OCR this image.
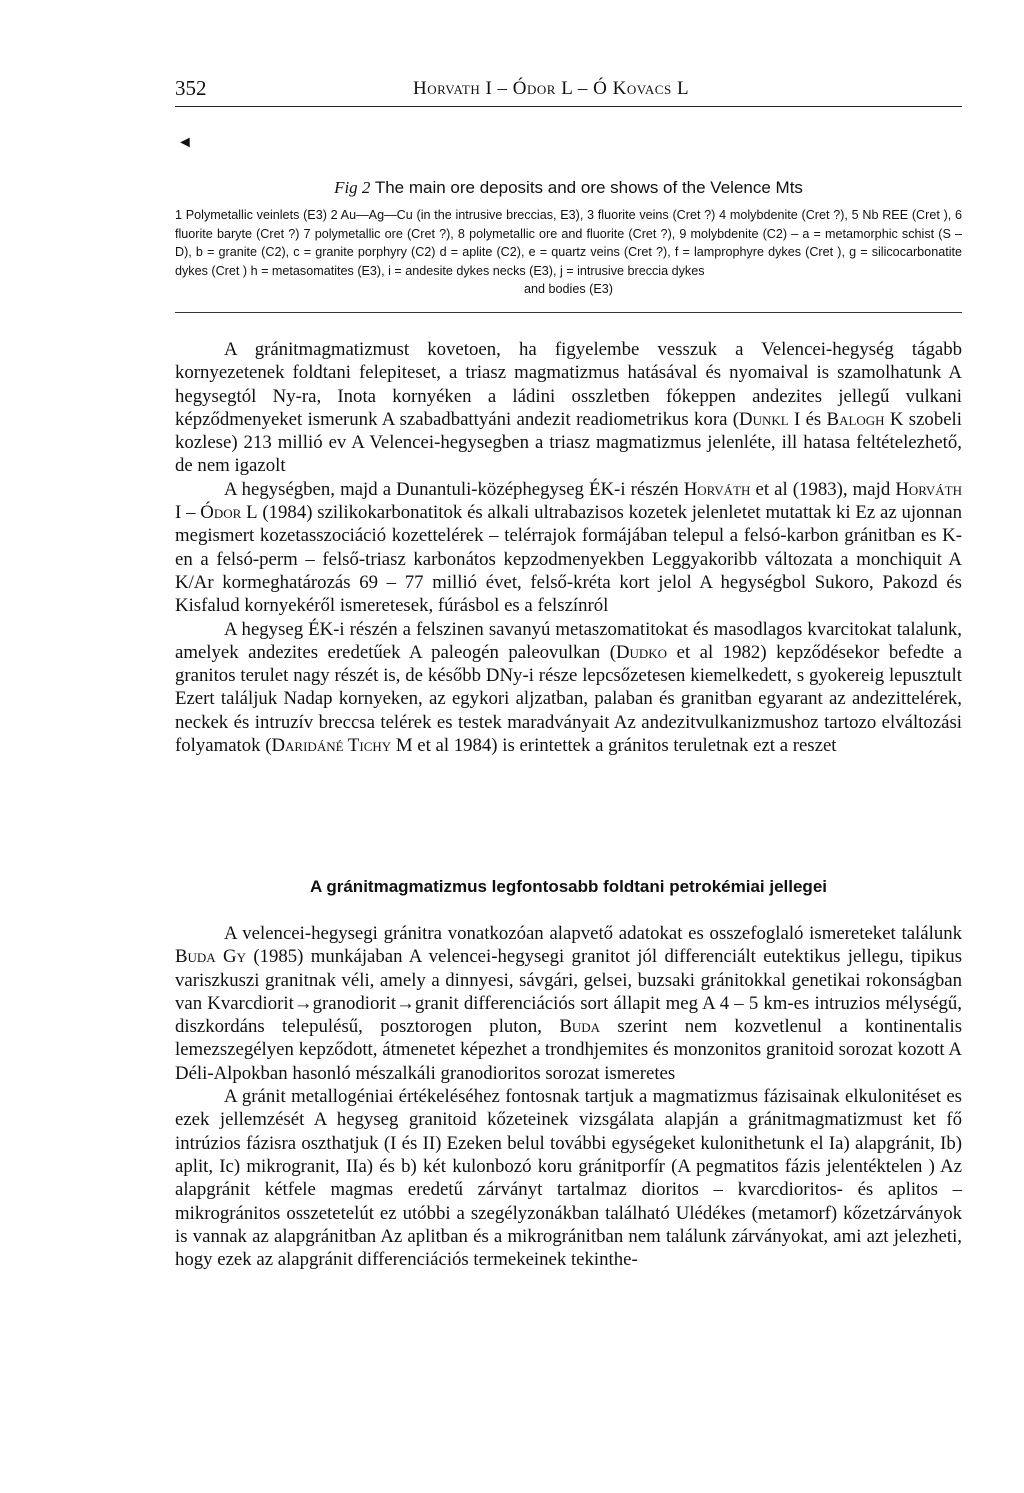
352	Horvath I – Ódor L – Ó Kovacs L
◄
Fig 2 The main ore deposits and ore shows of the Velence Mts
1 Polymetallic veinlets (E3) 2 Au—Ag—Cu (in the intrusive breccias, E3), 3 fluorite veins (Cret ?) 4 molybdenite (Cret ?), 5 Nb REE (Cret ), 6 fluorite baryte (Cret ?) 7 polymetallic ore (Cret ?), 8 polymetallic ore and fluorite (Cret ?), 9 molybdenite (C2) – a = metamorphic schist (S – D), b = granite (C2), c = granite porphyry (C2) d = aplite (C2), e = quartz veins (Cret ?), f = lamprophyre dykes (Cret ), g = silicocarbonatite dykes (Cret ) h = metasomatites (E3), i = andesite dykes necks (E3), j = intrusive breccia dykes
and bodies (E3)

A gránitmagmatizmust kovetoen, ha figyelembe vesszuk a Velencei-hegység tágabb kornyezetenek foldtani felepiteset, a triasz magmatizmus hatásával és nyomaival is szamolhatunk A hegysegtól Ny-ra, Inota kornyéken a ládini osszletben fókeppen andezites jellegű vulkani képződmenyeket ismerunk A szabadbattyáni andezit readiometrikus kora (Dunkl I és Balogh K szobeli kozlese) 213 millió ev A Velencei-hegysegben a triasz magmatizmus jelenléte, ill hatasa feltételezhető, de nem igazolt

A hegységben, majd a Dunantuli-középhegyseg ÉK-i részén Horváth et al (1983), majd Horváth I – Ódor L (1984) szilikokarbonatitok és alkali ultrabazisos kozetek jelenletet mutattak ki Ez az ujonnan megismert kozetasszociáció kozettelérek – telérrajok formájában telepul a felsó-karbon gránitban es K-en a felsó-perm – felső-triasz karbonátos kepzodmenyekben Leggyakoribb változata a monchiquit A K/Ar kormeghatározás 69 – 77 millió évet, felső-kréta kort jelol A hegységbol Sukoro, Pakozd és Kisfalud kornyekéről ismeretesek, fúrásbol es a felszínról

A hegyseg ÉK-i részén a felszinen savanyú metaszomatitokat és masodlagos kvarcitokat talalunk, amelyek andezites eredetűek A paleogén paleovulkan (Dudko et al 1982) kepződésekor befedte a granitos terulet nagy részét is, de később DNy-i része lepcsőzetesen kiemelkedett, s gyokereig lepusztult Ezert találjuk Nadap kornyeken, az egykori aljzatban, palaban és granitban egyarant az andezittelérek, neckek és intruzív breccsa telérek es testek maradványait Az andezitvulkanizmushoz tartozo elváltozási folyamatok (Daridáné Tichy M et al 1984) is erintettek a gránitos teruletnak ezt a reszet

A gránitmagmatizmus legfontosabb foldtani petrokémiai jellegei

A velencei-hegysegi gránitra vonatkozóan alapvető adatokat es osszefoglaló ismereteket találunk Buda Gy (1985) munkájaban A velencei-hegysegi granitot jól differenciált eutektikus jellegu, tipikus variszkuszi granitnak véli, amely a dinnyesi, sávgári, gelsei, buzsaki gránitokkal genetikai rokonságban van Kvarcdiorit→granodiorit→granit differenciációs sort állapit meg A 4 – 5 km-es intruzios mélységű, diszkordáns telepulésű, posztorogen pluton, Buda szerint nem kozvetlenul a kontinentalis lemezszegélyen kepződott, átmenetet képezhet a trondhjemites és monzonitos granitoid sorozat kozott A Déli-Alpokban hasonló mészalkáli granodioritos sorozat ismeretes

A gránit metallogéniai értékeléséhez fontosnak tartjuk a magmatizmus fázisainak elkulonitéset es ezek jellemzését A hegyseg granitoid kőzeteinek vizsgálata alapján a gránitmagmatizmust ket fő intrúzios fázisra oszthatjuk (I és II) Ezeken belul további egységeket kulonithetunk el Ia) alapgránit, Ib) aplit, Ic) mikrogranit, IIa) és b) két kulonbozó koru gránitporfír (A pegmatitos fázis jelentéktelen ) Az alapgránit kétfele magmas eredetű zárványt tartalmaz dioritos – kvarcdioritos- és aplitos – mikrogránitos osszetetelút ez utóbbi a szegélyzonákban található Ulédékes (metamorf) kőzetzárványok is vannak az alapgránitban Az aplitban és a mikrogránitban nem találunk zárványokat, ami azt jelezheti, hogy ezek az alapgránit differenciációs termekeinek tekinthe-
